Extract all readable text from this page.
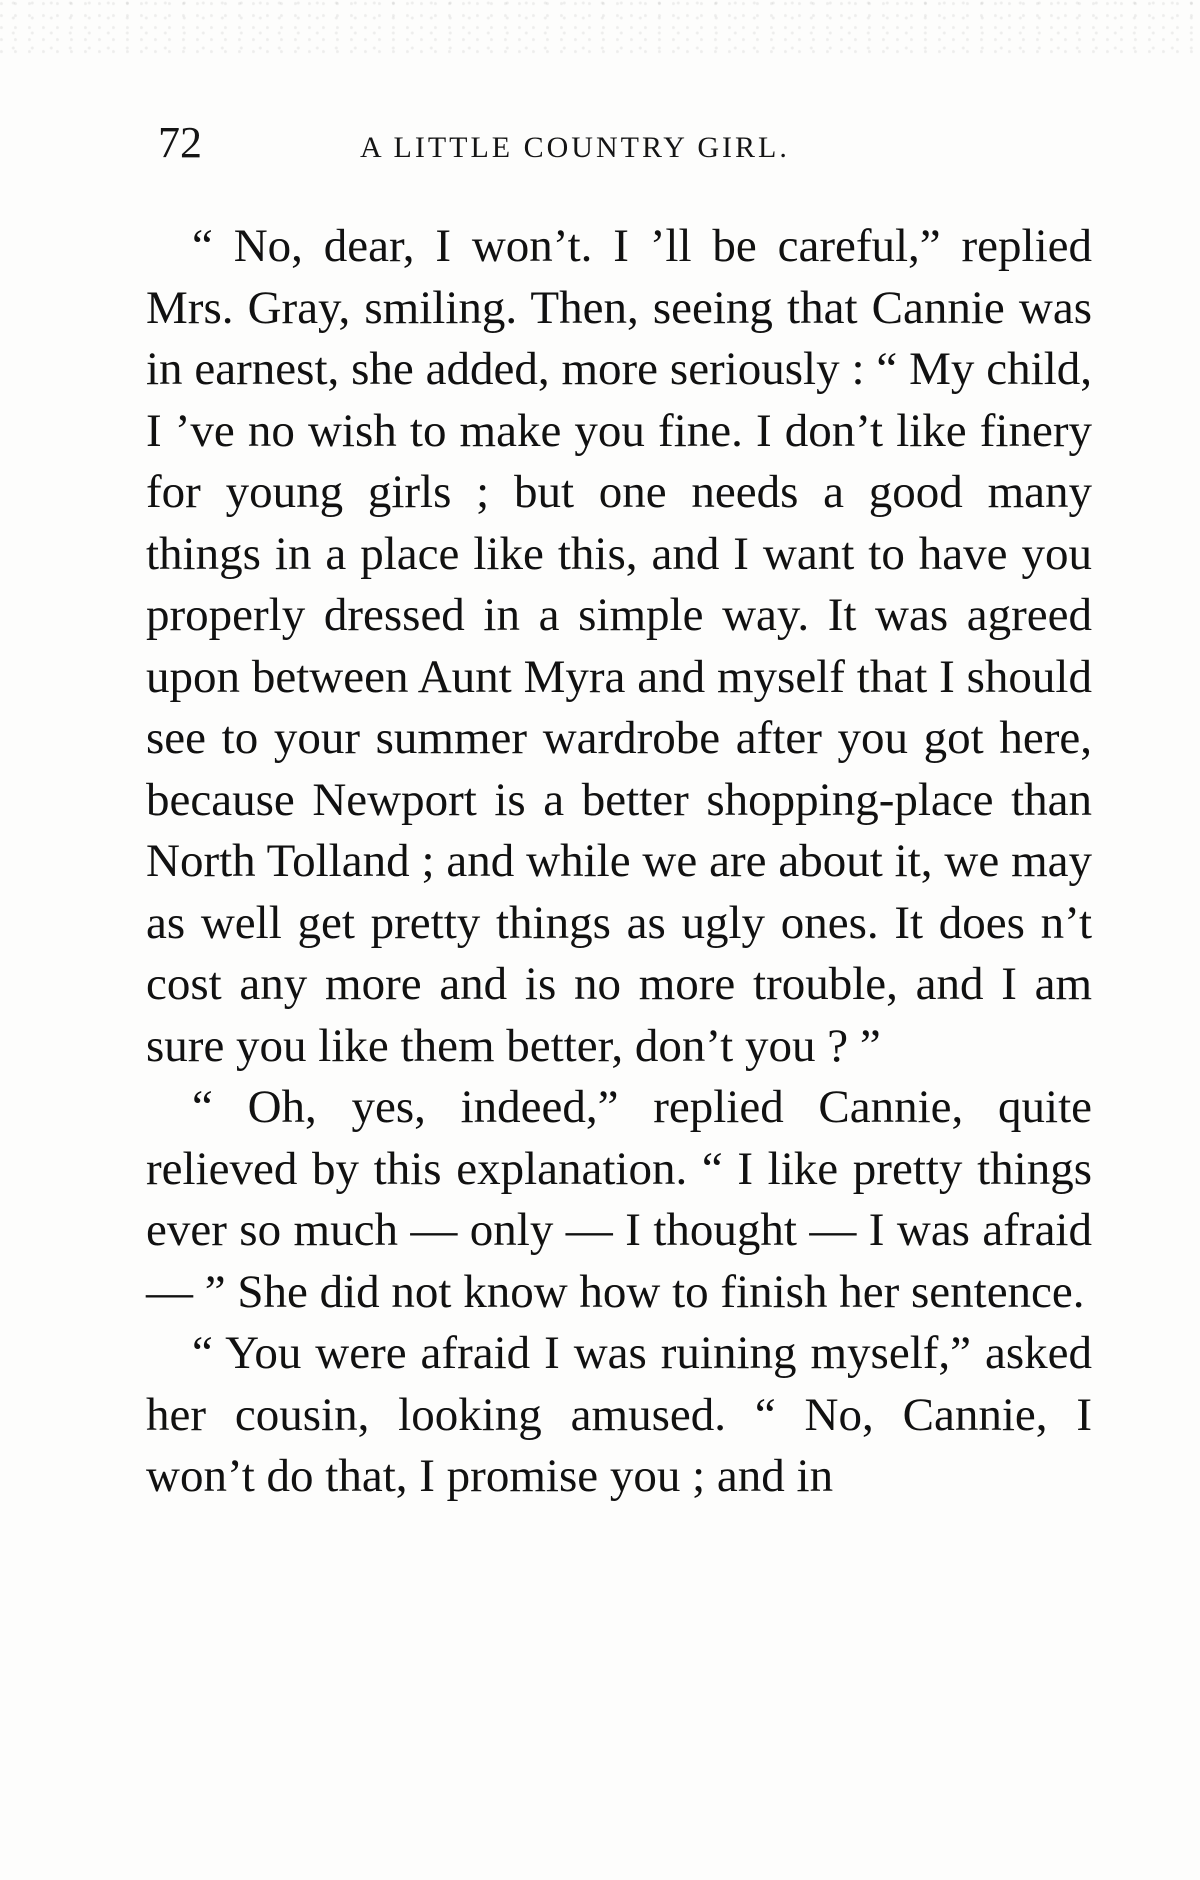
72	A LITTLE COUNTRY GIRL.

“ No, dear, I won’t. I ’ll be careful,” replied Mrs. Gray, smiling. Then, seeing that Cannie was in earnest, she added, more seriously : “ My child, I ’ve no wish to make you fine. I don’t like finery for young girls ; but one needs a good many things in a place like this, and I want to have you properly dressed in a simple way. It was agreed upon between Aunt Myra and myself that I should see to your summer wardrobe after you got here, because Newport is a better shopping-place than North Tolland ; and while we are about it, we may as well get pretty things as ugly ones. It does n’t cost any more and is no more trouble, and I am sure you like them better, don’t you ? ”

“ Oh, yes, indeed,” replied Cannie, quite relieved by this explanation. “ I like pretty things ever so much — only — I thought — I was afraid — ” She did not know how to finish her sentence.

“ You were afraid I was ruining myself,” asked her cousin, looking amused. “ No, Cannie, I won’t do that, I promise you ; and in
